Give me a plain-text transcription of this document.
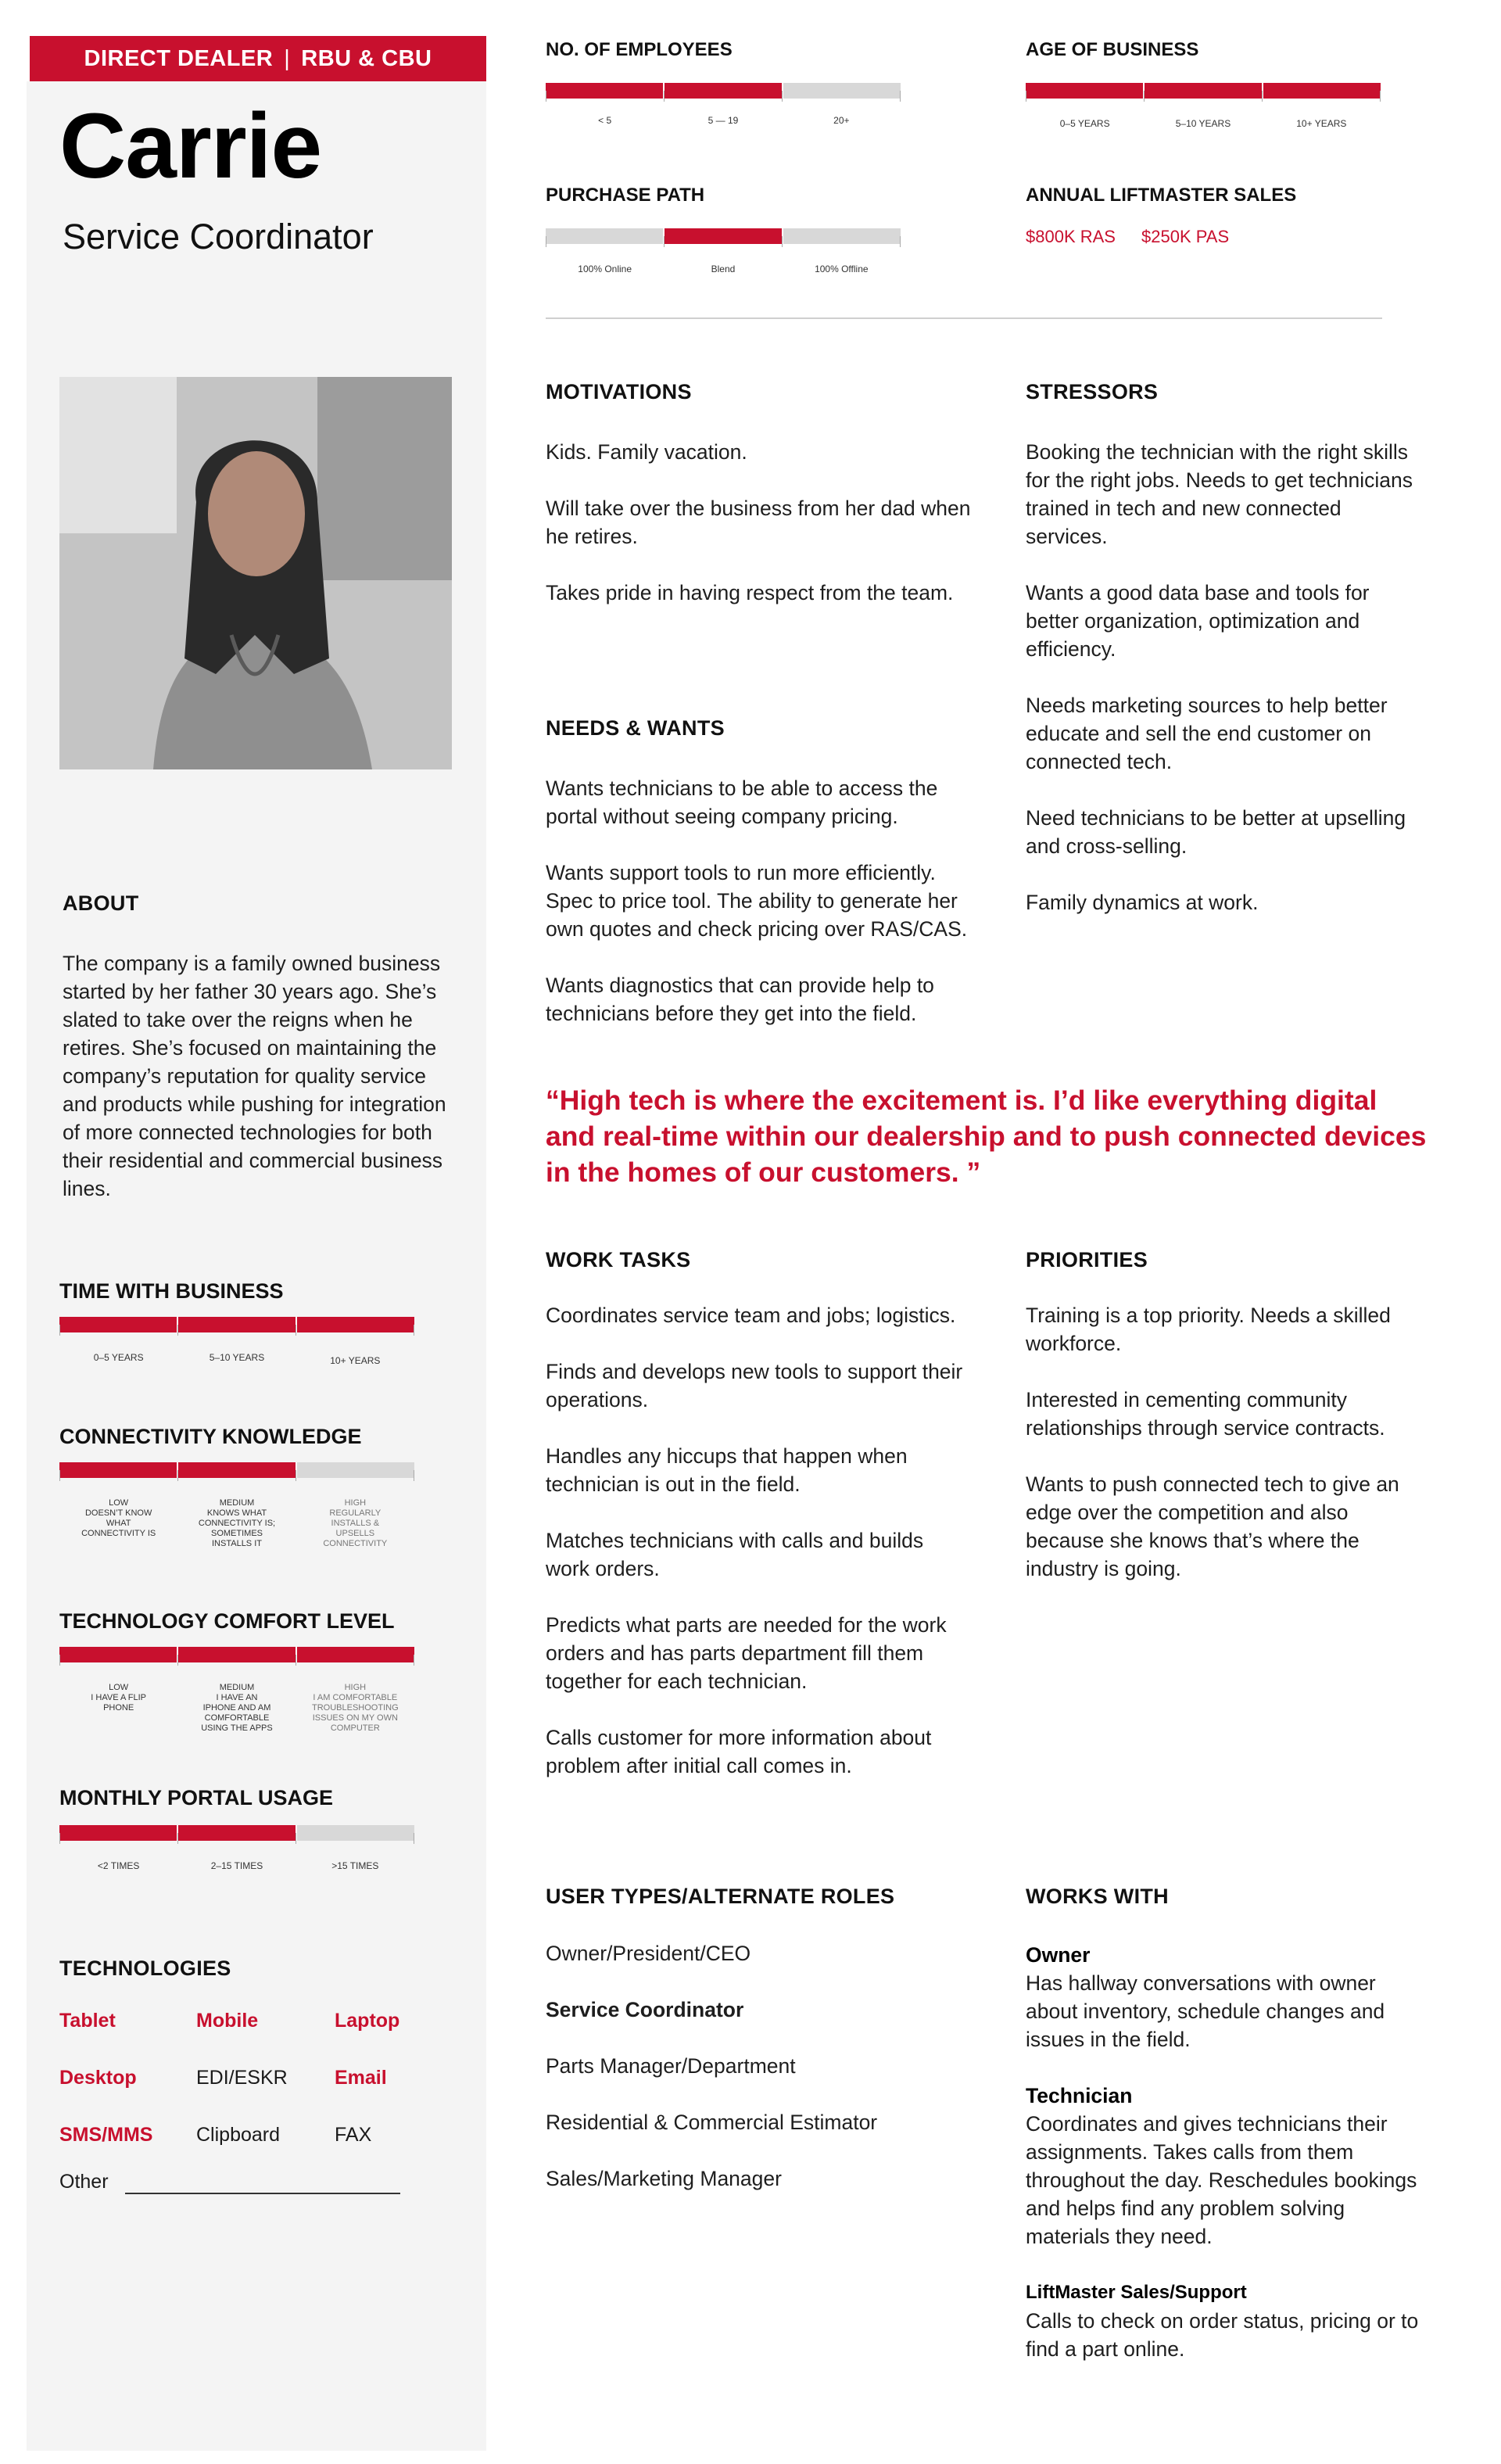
DIRECT DEALER | RBU & CBU
Carrie
Service Coordinator
NO. OF EMPLOYEES
< 5	5 — 19	20+
AGE OF BUSINESS
0–5 YEARS	5–10 YEARS	10+ YEARS
PURCHASE PATH
100% Online	Blend	100% Offline
ANNUAL LIFTMASTER SALES
$800K RAS $250K PAS
MOTIVATIONS

Kids. Family vacation.

Will take over the business from her dad when he retires.

Takes pride in having respect from the team.

NEEDS & WANTS

Wants technicians to be able to access the portal without seeing company pricing.

Wants support tools to run more efficiently. Spec to price tool. The ability to generate her own quotes and check pricing over RAS/CAS.

Wants diagnostics that can provide help to technicians before they get into the field.

STRESSORS

Booking the technician with the right skills for the right jobs. Needs to get technicians trained in tech and new connected services.

Wants a good data base and tools for better organization, optimization and efficiency.

Needs marketing sources to help better educate and sell the end customer on connected tech.

Need technicians to be better at upselling and cross-selling.

Family dynamics at work.

ABOUT

The company is a family owned business started by her father 30 years ago. She’s slated to take over the reigns when he retires. She’s focused on maintaining the company’s reputation for quality service and products while pushing for integration of more connected technologies for both their residential and commercial business lines.

“High tech is where the excitement is. I’d like everything digital and real-time within our dealership and to push connected devices in the homes of our customers. ”
TIME WITH BUSINESS
0–5 YEARS	5–10 YEARS	10+ YEARS
CONNECTIVITY KNOWLEDGE
LOW
DOESN’T KNOW
WHAT
CONNECTIVITY IS
MEDIUM
KNOWS WHAT
CONNECTIVITY IS;
SOMETIMES
INSTALLS IT
HIGH
REGULARLY
INSTALLS &
UPSELLS
CONNECTIVITY
TECHNOLOGY COMFORT LEVEL
LOW
I HAVE A FLIP
PHONE
MEDIUM
I HAVE AN
IPHONE AND AM
COMFORTABLE
USING THE APPS
HIGH
I AM COMFORTABLE
TROUBLESHOOTING
ISSUES ON MY OWN
COMPUTER
MONTHLY PORTAL USAGE
<2 TIMES	2–15 TIMES	>15 TIMES
TECHNOLOGIES
Tablet	Mobile	Laptop
Desktop	EDI/ESKR	Email
SMS/MMS	Clipboard	FAX
Other
WORK TASKS

Coordinates service team and jobs; logistics.

Finds and develops new tools to support their operations.

Handles any hiccups that happen when technician is out in the field.

Matches technicians with calls and builds work orders.

Predicts what parts are needed for the work orders and has parts department fill them together for each technician.

Calls customer for more information about problem after initial call comes in.

PRIORITIES

Training is a top priority. Needs a skilled workforce.

Interested in cementing community relationships through service contracts.

Wants to push connected tech to give an edge over the competition and also because she knows that’s where the industry is going.

USER TYPES/ALTERNATE ROLES

Owner/President/CEO

Service Coordinator

Parts Manager/Department

Residential & Commercial Estimator

Sales/Marketing Manager

WORKS WITH
Owner
Has hallway conversations with owner about inventory, schedule changes and issues in the field.
Technician
Coordinates and gives technicians their assignments. Takes calls from them throughout the day. Reschedules bookings and helps find any problem solving materials they need.
LiftMaster Sales/Support
Calls to check on order status, pricing or to find a part online.
